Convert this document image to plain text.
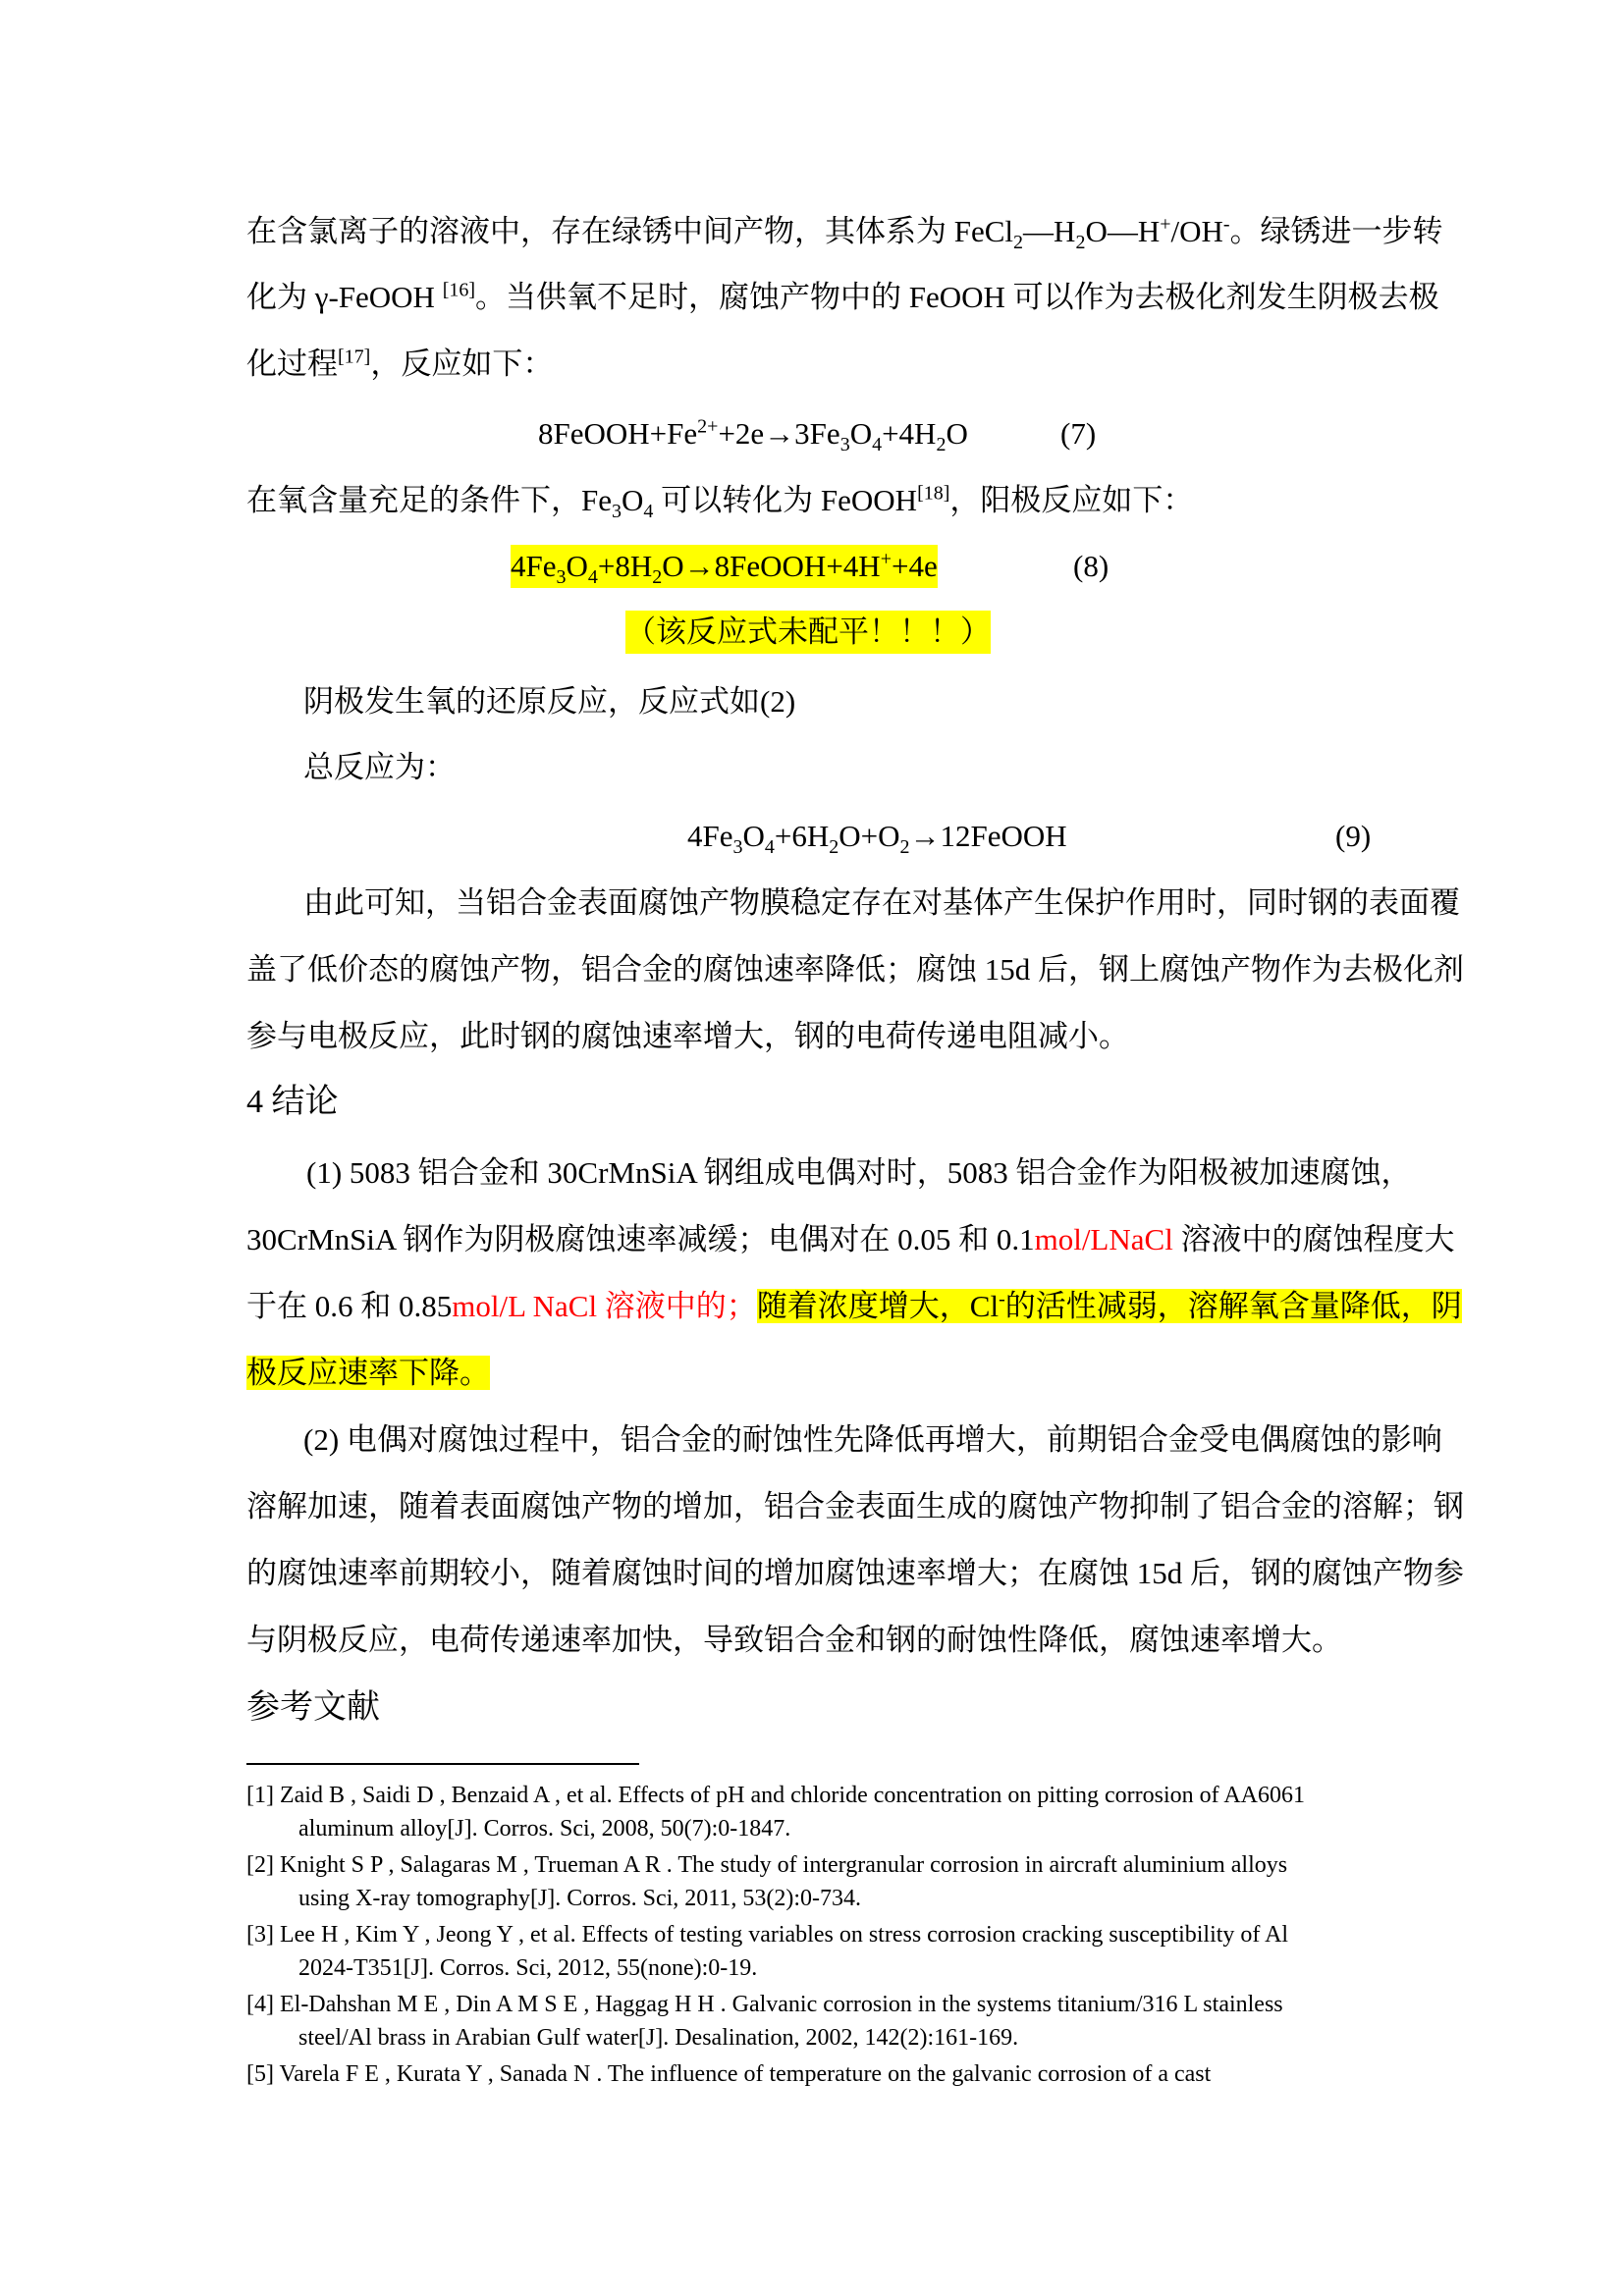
在含氯离子的溶液中，存在绿锈中间产物，其体系为 $FeCl_2—H_2O—H^+/OH^-$。绿锈进一步转
化为 γ-FeOOH [16]。当供氧不足时，腐蚀产物中的 FeOOH 可以作为去极化剂发生阴极去极
化过程[17]，反应如下：
$8FeOOH+Fe^{2+}+2e\to 3Fe_3O_4+4H_2O$	(7)
在氧含量充足的条件下，$Fe_3O_4$ 可以转化为 FeOOH[18]，阳极反应如下：
$4Fe_3O_4+8H_2O\to 8FeOOH+4H^++4e$	(8)
（该反应式未配平！！！）
阴极发生氧的还原反应，反应式如(2)
总反应为：
$4Fe_3O_4+6H_2O+O_2\to 12FeOOH$	(9)
由此可知，当铝合金表面腐蚀产物膜稳定存在对基体产生保护作用时，同时钢的表面覆
盖了低价态的腐蚀产物，铝合金的腐蚀速率降低；腐蚀 15d 后，钢上腐蚀产物作为去极化剂
参与电极反应，此时钢的腐蚀速率增大，钢的电荷传递电阻减小。
4 结论
(1) 5083 铝合金和 30CrMnSiA 钢组成电偶对时，5083 铝合金作为阳极被加速腐蚀，
30CrMnSiA 钢作为阴极腐蚀速率减缓；电偶对在 0.05 和 0.1mol/LNaCl 溶液中的腐蚀程度大
于在 0.6 和 0.85mol/L NaCl 溶液中的；随着浓度增大，Cl-的活性减弱，溶解氧含量降低，阴
极反应速率下降。
(2) 电偶对腐蚀过程中，铝合金的耐蚀性先降低再增大，前期铝合金受电偶腐蚀的影响
溶解加速，随着表面腐蚀产物的增加，铝合金表面生成的腐蚀产物抑制了铝合金的溶解；钢
的腐蚀速率前期较小，随着腐蚀时间的增加腐蚀速率增大；在腐蚀 15d 后，钢的腐蚀产物参
与阴极反应，电荷传递速率加快，导致铝合金和钢的耐蚀性降低，腐蚀速率增大。
参考文献
[1] Zaid B , Saidi D , Benzaid A , et al. Effects of pH and chloride concentration on pitting corrosion of AA6061
aluminum alloy[J]. Corros. Sci, 2008, 50(7):0-1847.
[2] Knight S P , Salagaras M , Trueman A R . The study of intergranular corrosion in aircraft aluminium alloys
using X-ray tomography[J]. Corros. Sci, 2011, 53(2):0-734.
[3] Lee H , Kim Y , Jeong Y , et al. Effects of testing variables on stress corrosion cracking susceptibility of Al
2024-T351[J]. Corros. Sci, 2012, 55(none):0-19.
[4] El-Dahshan M E , Din A M S E , Haggag H H . Galvanic corrosion in the systems titanium/316 L stainless
steel/Al brass in Arabian Gulf water[J]. Desalination, 2002, 142(2):161-169.
[5] Varela F E , Kurata Y , Sanada N . The influence of temperature on the galvanic corrosion of a cast
